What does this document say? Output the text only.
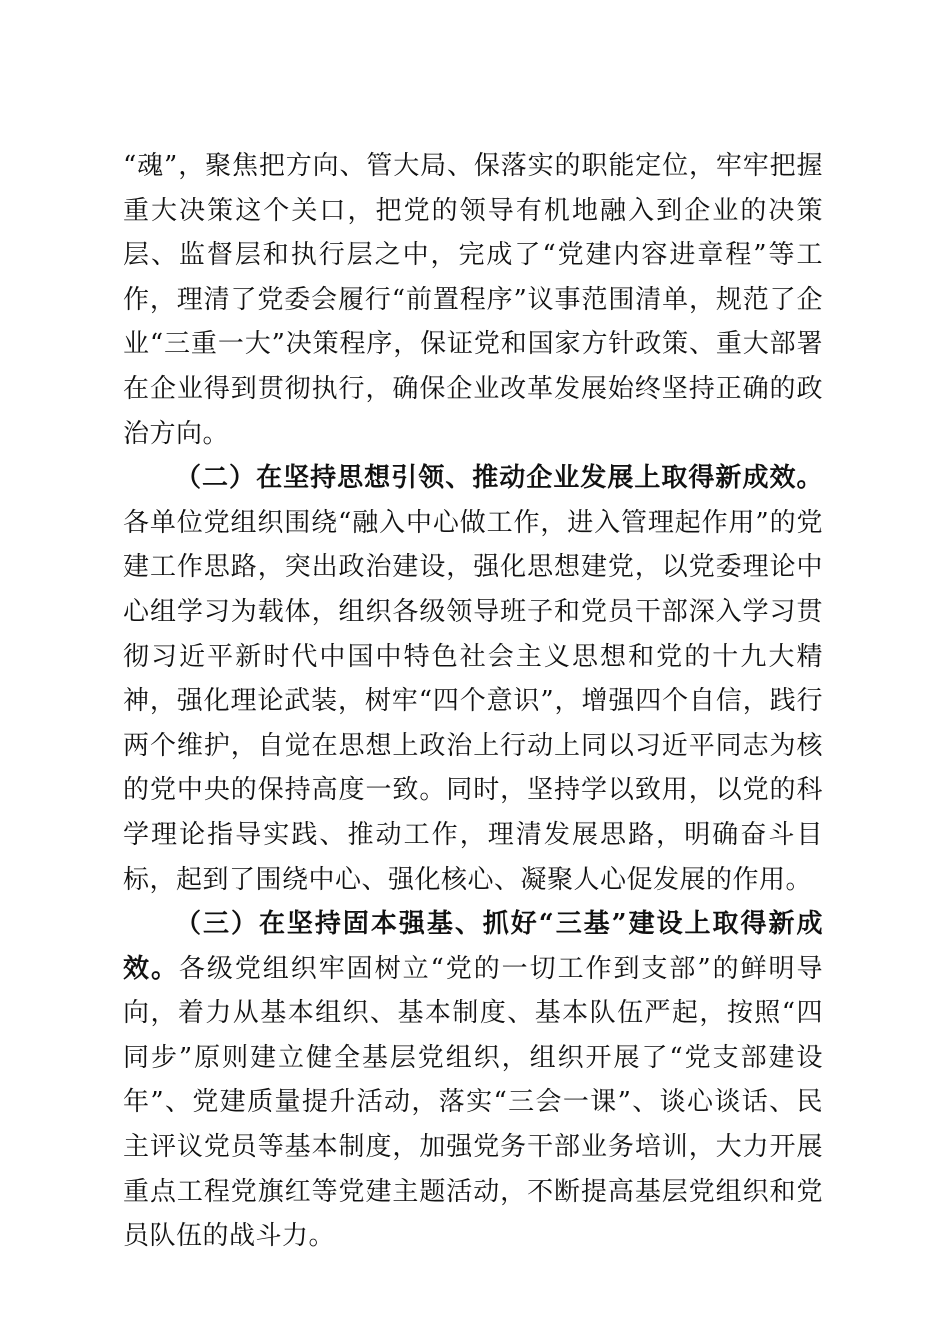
“魂”，聚焦把方向、管大局、保落实的职能定位，牢牢把握重大决策这个关口，把党的领导有机地融入到企业的决策层、监督层和执行层之中，完成了“党建内容进章程”等工作，理清了党委会履行“前置程序”议事范围清单，规范了企业“三重一大”决策程序，保证党和国家方针政策、重大部署在企业得到贯彻执行，确保企业改革发展始终坚持正确的政治方向。

（二）在坚持思想引领、推动企业发展上取得新成效。各单位党组织围绕“融入中心做工作，进入管理起作用”的党建工作思路，突出政治建设，强化思想建党，以党委理论中心组学习为载体，组织各级领导班子和党员干部深入学习贯彻习近平新时代中国中特色社会主义思想和党的十九大精神，强化理论武装，树牢“四个意识”，增强四个自信，践行两个维护，自觉在思想上政治上行动上同以习近平同志为核的党中央的保持高度一致。同时，坚持学以致用，以党的科学理论指导实践、推动工作，理清发展思路，明确奋斗目标，起到了围绕中心、强化核心、凝聚人心促发展的作用。

（三）在坚持固本强基、抓好“三基”建设上取得新成效。各级党组织牢固树立“党的一切工作到支部”的鲜明导向，着力从基本组织、基本制度、基本队伍严起，按照“四同步”原则建立健全基层党组织，组织开展了“党支部建设年”、党建质量提升活动，落实“三会一课”、谈心谈话、民主评议党员等基本制度，加强党务干部业务培训，大力开展重点工程党旗红等党建主题活动，不断提高基层党组织和党员队伍的战斗力。
